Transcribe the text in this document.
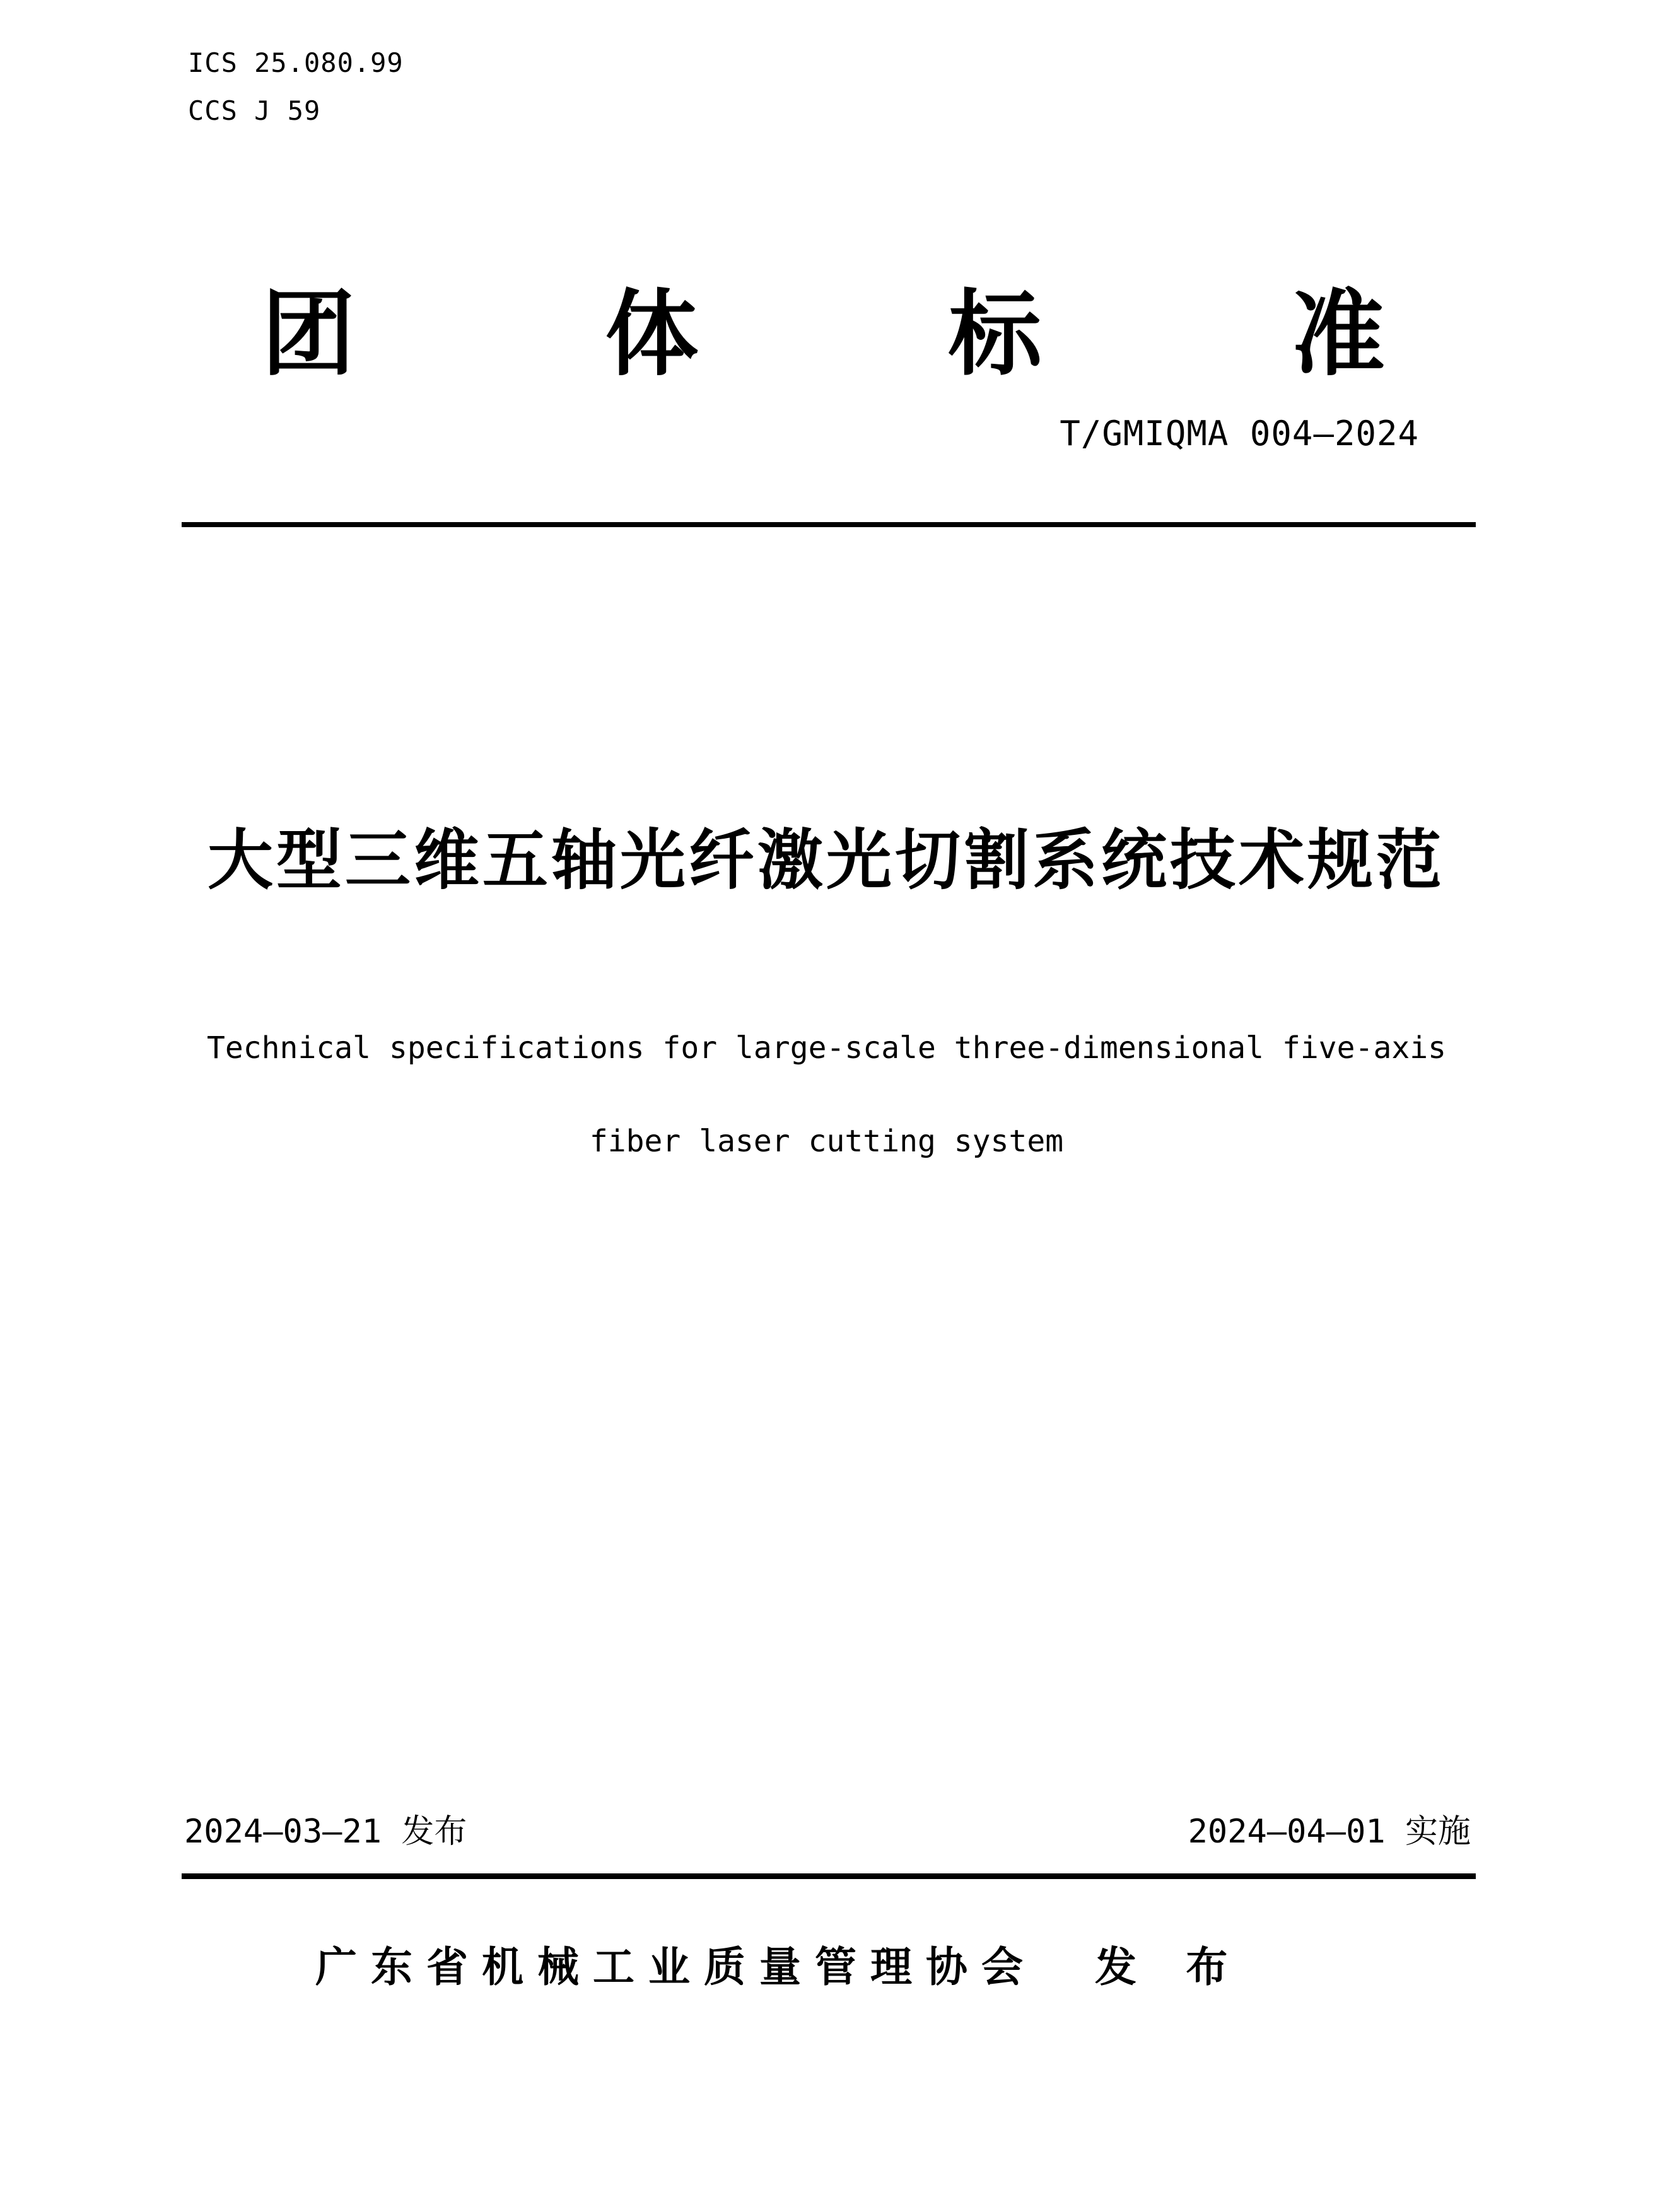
ICS 25.080.99
CCS J 59
团	体	标	准
T/GMIQMA 004—2024
大型三维五轴光纤激光切割系统技术规范
Technical specifications for large-scale three-dimensional five-axis
fiber laser cutting system
2024—03—21 发布	2024—04—01 实施
广东省机械工业质量管理协会 发 布
